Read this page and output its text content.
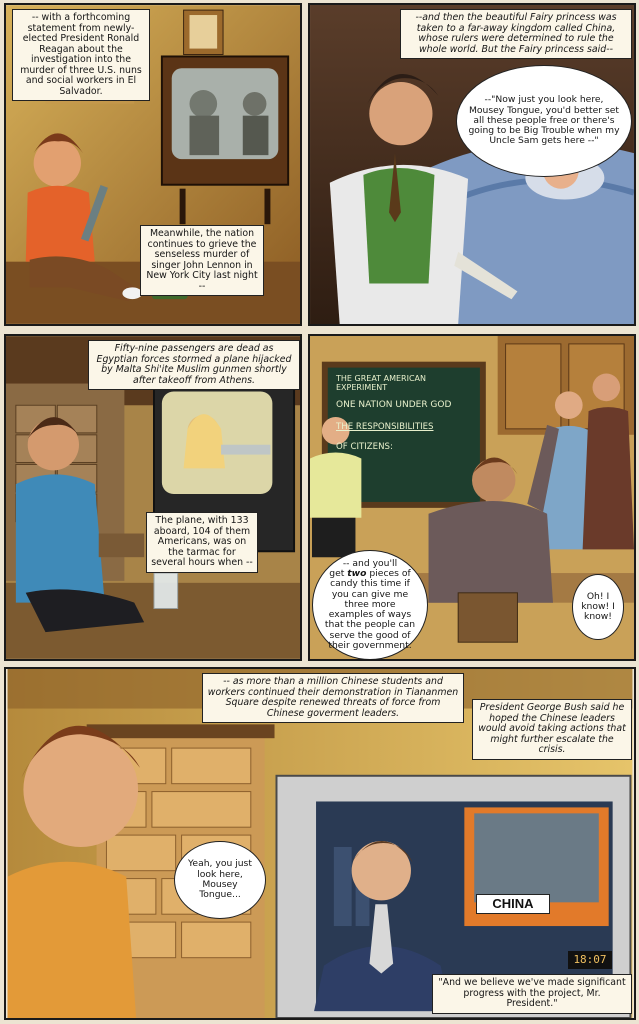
-- with a forthcoming statement from newly-elected President Ronald Reagan about the investigation into the murder of three U.S. nuns and social workers in El Salvador.
Meanwhile, the nation continues to grieve the senseless murder of singer John Lennon in New York City last night --
--and then the beautiful Fairy princess was taken to a far-away kingdom called China, whose rulers were determined to rule the whole world. But the Fairy princess said--
--"Now just you look here, Mousey Tongue, you'd better set all these people free or there's going to be Big Trouble when my Uncle Sam gets here --"
Fifty-nine passengers are dead as Egyptian forces stormed a plane hijacked by Malta Shi'ite Muslim gunmen shortly after takeoff from Athens.
The plane, with 133 aboard, 104 of them Americans, was on the tarmac for several hours when --
THE GREAT AMERICAN EXPERIMENT
ONE NATION UNDER GOD
THE RESPONSIBILITIES
OF CITIZENS:
-- and you'll
get two pieces of candy this time if you can give me three more examples of ways that the people can serve the good of their government.
Oh! I know! I know!
-- as more than a million Chinese students and workers continued their demonstration in Tiananmen Square despite renewed threats of force from Chinese goverment leaders.
President George Bush said he hoped the Chinese leaders would avoid taking actions that might further escalate the crisis.
Yeah, you just look here, Mousey Tongue...
CHINA
18:07
"And we believe we've made significant progress with the project, Mr. President."
